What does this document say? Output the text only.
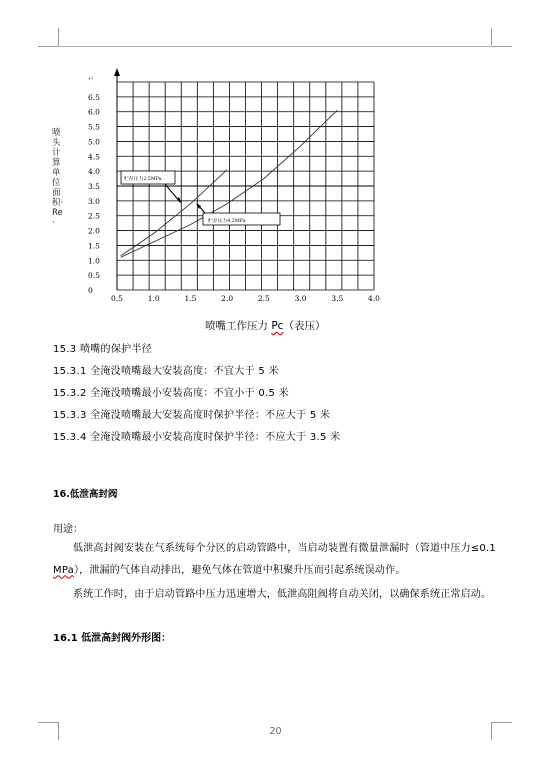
6.5
6.0
5.5
5.0
4.5
4.0
3.5
3.0
2.5
2.0
1.5
1.0
0.5
0
0.5	1.0	1.5	2.0	2.5	3.0	3.5	4.0
贮存压力2.5MPa
贮存压力4.2MPa
喷头计算单位面积·Re·
↵
喷嘴工作压力 Pc（表压）
15.3 喷嘴的保护半径
15.3.1 全淹没喷嘴最大安装高度：不宜大于 5 米
15.3.2 全淹没喷嘴最小安装高度：不宜小于 0.5 米
15.3.3 全淹没喷嘴最大安装高度时保护半径：不应大于 5 米
15.3.4 全淹没喷嘴最小安装高度时保护半径：不应大于 3.5 米
16.低泄高封阀
用途：
低泄高封阀安装在气系统每个分区的启动管路中，当启动装置有微量泄漏时（管道中压力≤0.1 MPa），泄漏的气体自动排出，避免气体在管道中积聚升压而引起系统误动作。
系统工作时，由于启动管路中压力迅速增大，低泄高阻阀将自动关闭，以确保系统正常启动。
16.1 低泄高封阀外形图：
20
